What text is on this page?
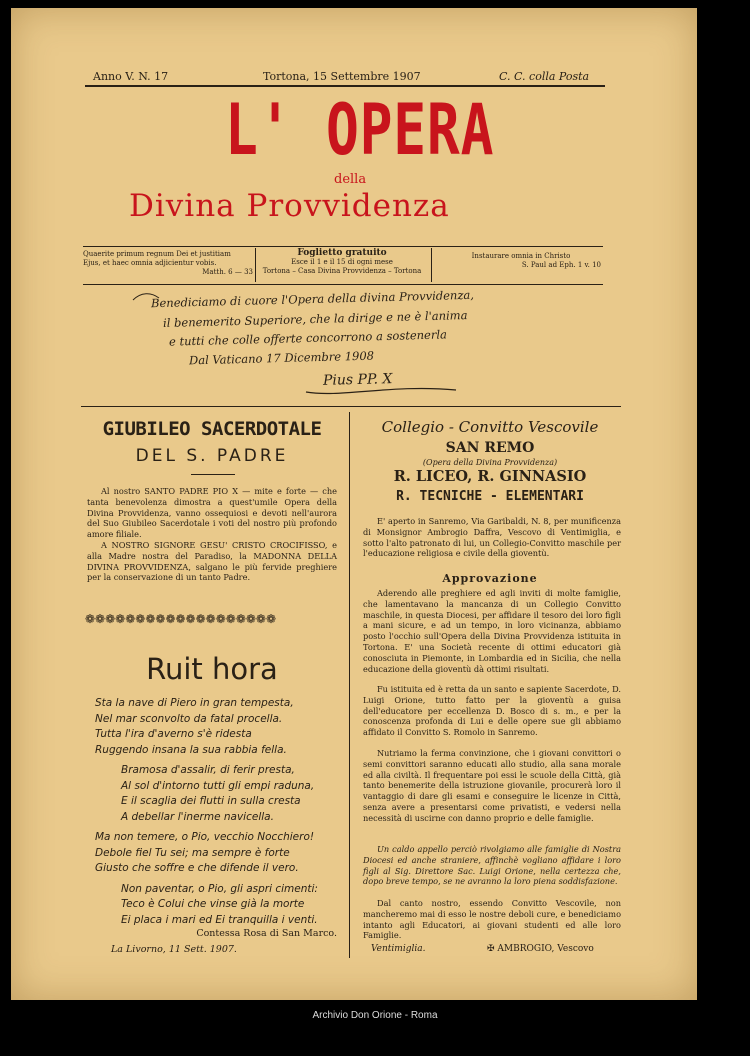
Anno V. N. 17	Tortona, 15 Settembre 1907	C. C. colla Posta
L' OPERA
della
Divina Provvidenza
Quaerite primum regnum Dei et justitiam
Ejus, et haec omnia adjicientur vobis.
Matth. 6 — 33
Foglietto gratuito
Esce il 1 e il 15 di ogni mese
Tortona – Casa Divina Provvidenza – Tortona
Instaurare omnia in Christo
S. Paul ad Eph. 1 v. 10
Benediciamo di cuore l'Opera della divina Provvidenza,
il benemerito Superiore, che la dirige e ne è l'anima
e tutti che colle offerte concorrono a sostenerla
Dal Vaticano 17 Dicembre 1908
Pius PP. X
GIUBILEO SACERDOTALE
DEL S. PADRE

Al nostro SANTO PADRE PIO X — mite e forte — che tanta benevolenza dimostra a quest'umile Opera della Divina Provvidenza, vanno ossequiosi e devoti nell'aurora del Suo Giubileo Sacerdotale i voti del nostro più profondo amore filiale.

A NOSTRO SIGNORE GESU' CRISTO CROCIFISSO, e alla Madre nostra del Paradiso, la MADONNA DELLA DIVINA PROVVIDENZA, salgano le più fervide preghiere per la conservazione di un tanto Padre.

❁❁❁❁❁❁❁❁❁❁❁❁❁❁❁❁❁❁❁
Ruit hora
Sta la nave di Piero in gran tempesta,
Nel mar sconvolto da fatal procella.
Tutta l'ira d'averno s'è ridesta
Ruggendo insana la sua rabbia fella.
Bramosa d'assalir, di ferir presta,
Al sol d'intorno tutti gli empi raduna,
E il scaglia dei flutti in sulla cresta
A debellar l'inerme navicella.
Ma non temere, o Pio, vecchio Nocchiero!
Debole fiel Tu sei; ma sempre è forte
Giusto che soffre e che difende il vero.
Non paventar, o Pio, gli aspri cimenti:
Teco è Colui che vinse già la morte
Ei placa i mari ed Ei tranquilla i venti.
Contessa Rosa di San Marco.
La Livorno, 11 Sett. 1907.
Collegio - Convitto Vescovile
SAN REMO
(Opera della Divina Provvidenza)
R. LICEO, R. GINNASIO
R. TECNICHE - ELEMENTARI

E' aperto in Sanremo, Via Garibaldi, N. 8, per munificenza di Monsignor Ambrogio Daffra, Vescovo di Ventimiglia, e sotto l'alto patronato di lui, un Collegio-Convitto maschile per l'educazione religiosa e civile della gioventù.

Approvazione

Aderendo alle preghiere ed agli inviti di molte famiglie, che lamentavano la mancanza di un Collegio Convitto maschile, in questa Diocesi, per affidare il tesoro dei loro figli a mani sicure, e ad un tempo, in loro vicinanza, abbiamo posto l'occhio sull'Opera della Divina Provvidenza istituita in Tortona. E' una Società recente di ottimi educatori già conosciuta in Piemonte, in Lombardia ed in Sicilia, che nella educazione della gioventù dà ottimi risultati.

Fu istituita ed è retta da un santo e sapiente Sacerdote, D. Luigi Orione, tutto fatto per la gioventù a guisa dell'educatore per eccellenza D. Bosco di s. m., e per la conoscenza profonda di Lui e delle opere sue gli abbiamo affidato il Convitto S. Romolo in Sanremo.

Nutriamo la ferma convinzione, che i giovani convittori o semi convittori saranno educati allo studio, alla sana morale ed alla civiltà. Il frequentare poi essi le scuole della Città, già tanto benemerite della istruzione giovanile, procurerà loro il vantaggio di dare gli esami e conseguire le licenze in Città, senza avere a presentarsi come privatisti, e vedersi nella necessità di uscirne con danno proprio e delle famiglie.

Un caldo appello perciò rivolgiamo alle famiglie di Nostra Diocesi ed anche straniere, affinchè vogliano affidare i loro figli al Sig. Direttore Sac. Luigi Orione, nella certezza che, dopo breve tempo, se ne avranno la loro piena soddisfazione.

Dal canto nostro, essendo Convitto Vescovile, non mancheremo mai di esso le nostre deboli cure, e benediciamo intanto agli Educatori, ai giovani studenti ed alle loro Famiglie.

Ventimiglia.	✠ AMBROGIO, Vescovo
Archivio Don Orione - Roma
